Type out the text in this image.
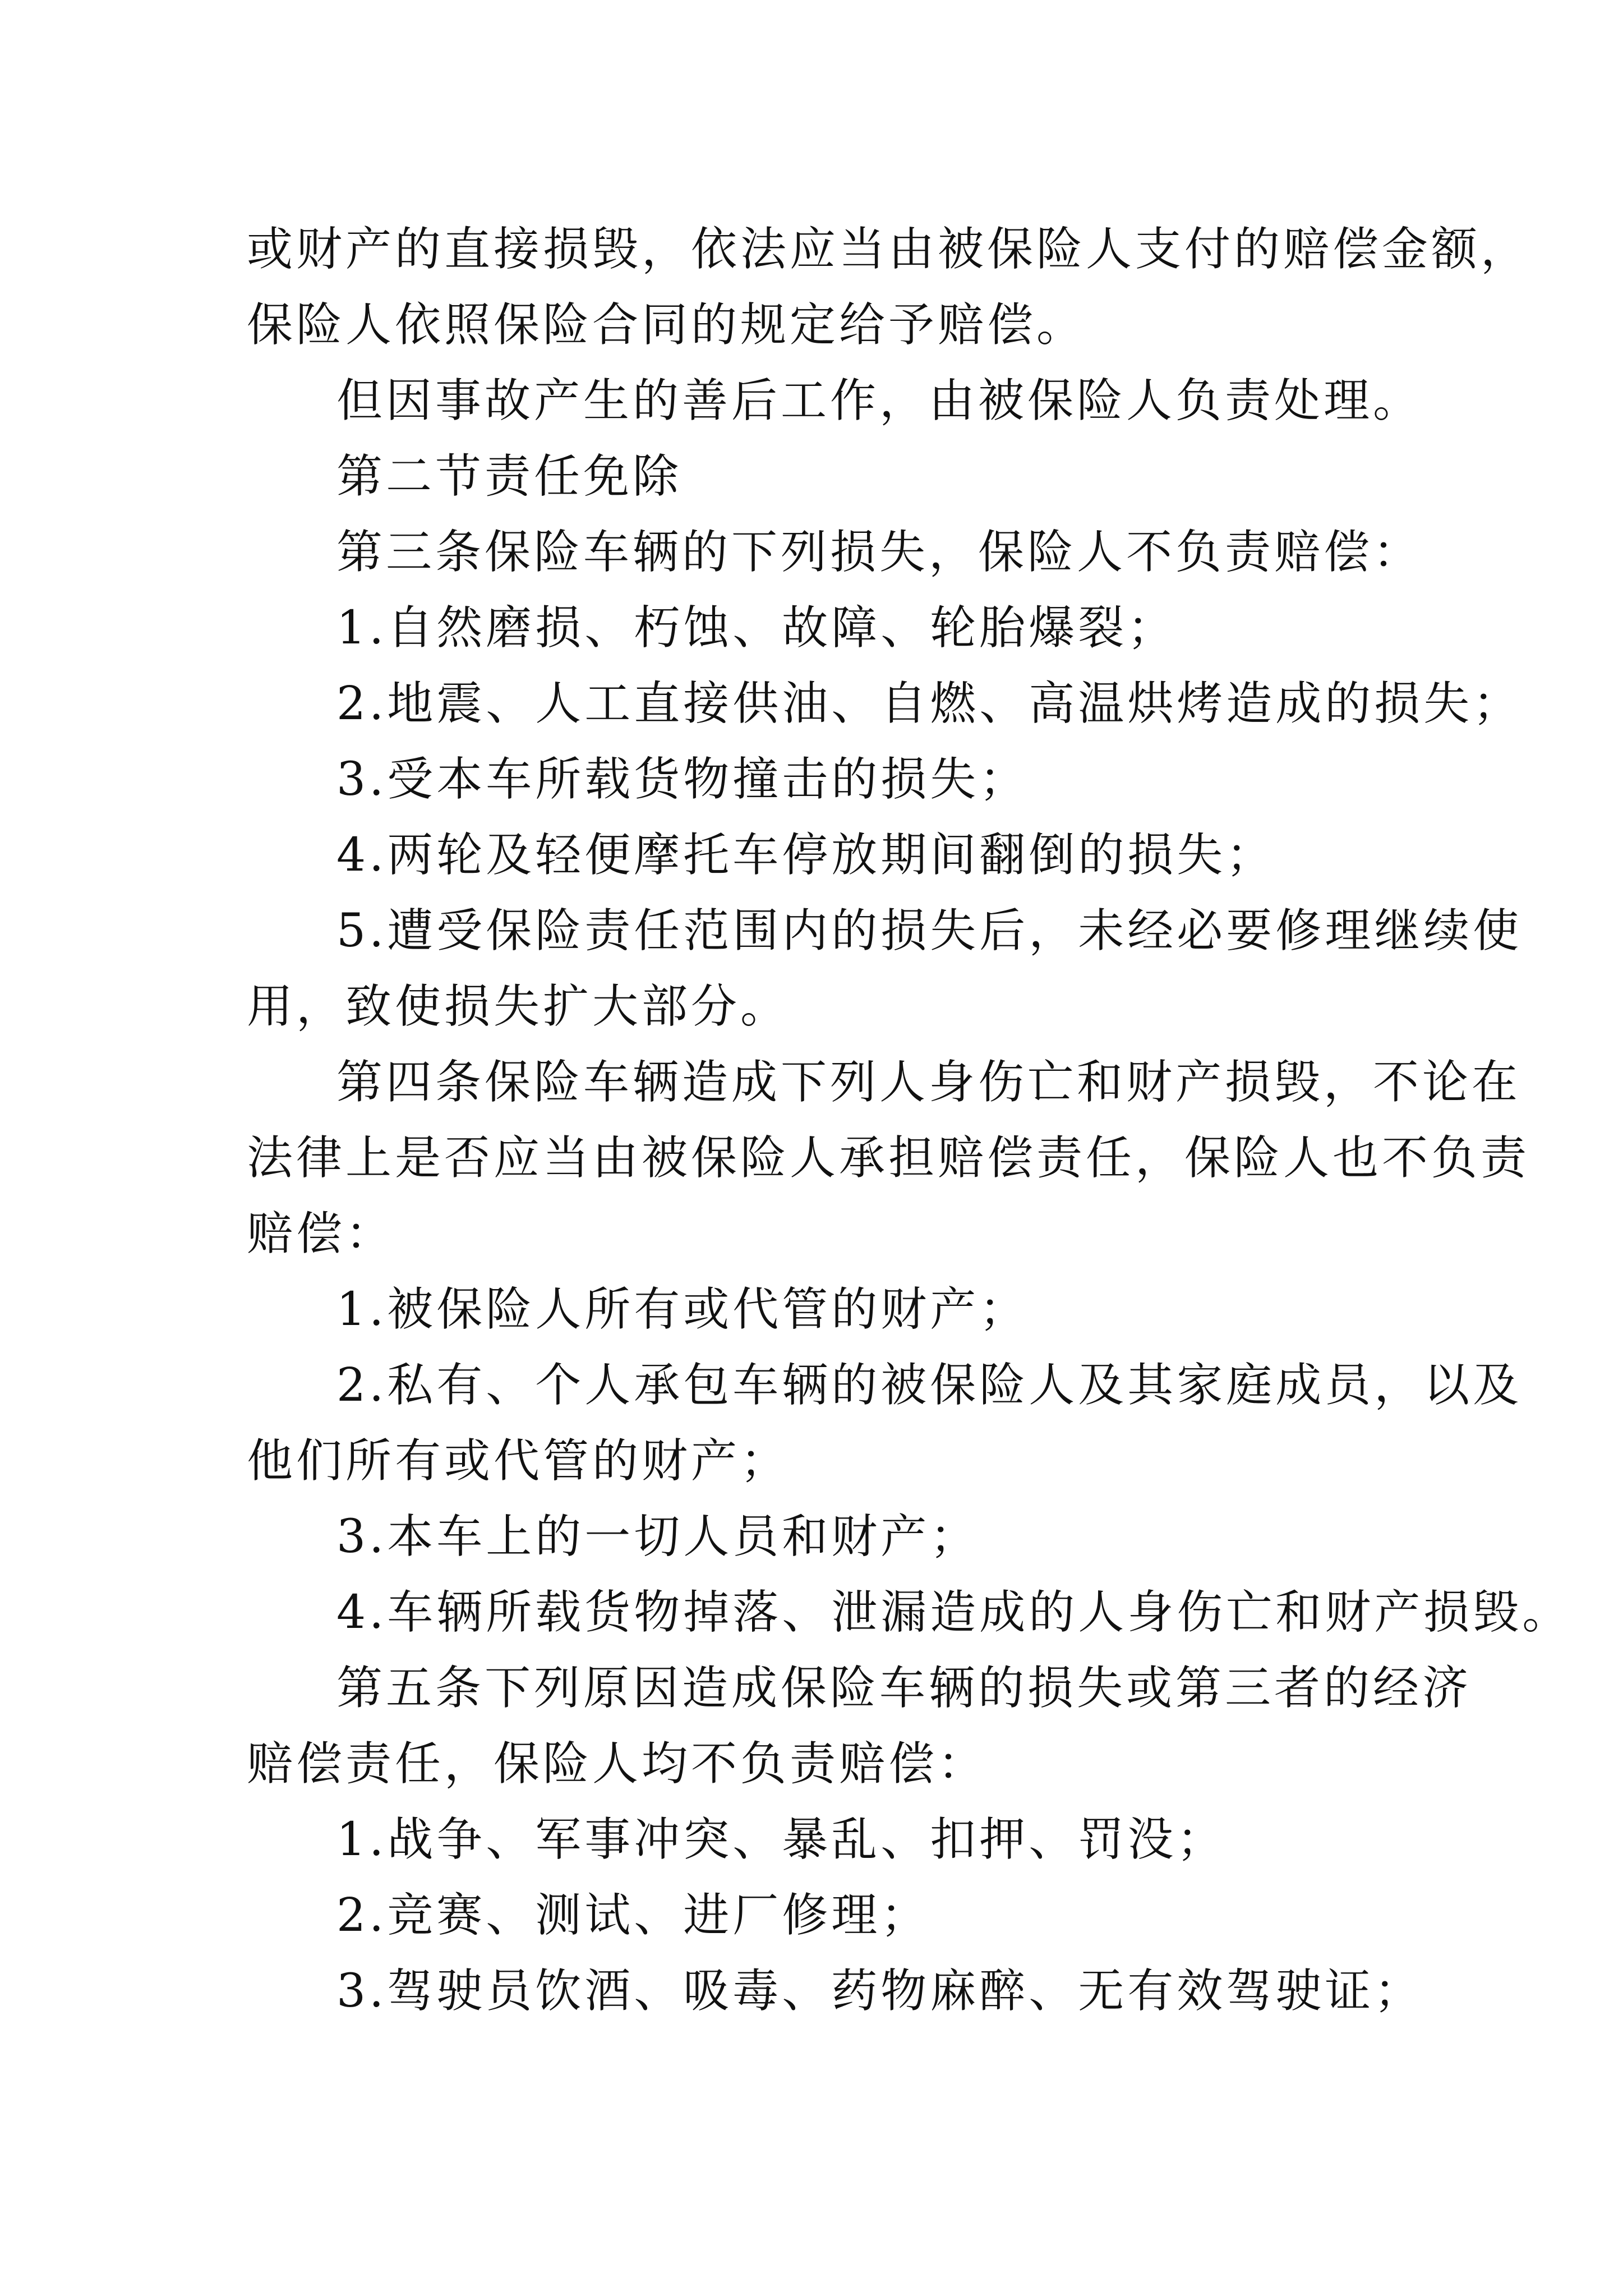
或财产的直接损毁，依法应当由被保险人支付的赔偿金额，
保险人依照保险合同的规定给予赔偿。
但因事故产生的善后工作，由被保险人负责处理。
第二节责任免除
第三条保险车辆的下列损失，保险人不负责赔偿：
1.自然磨损、朽蚀、故障、轮胎爆裂；
2.地震、人工直接供油、自燃、高温烘烤造成的损失；
3.受本车所载货物撞击的损失；
4.两轮及轻便摩托车停放期间翻倒的损失；
5.遭受保险责任范围内的损失后，未经必要修理继续使
用，致使损失扩大部分。
第四条保险车辆造成下列人身伤亡和财产损毁，不论在
法律上是否应当由被保险人承担赔偿责任，保险人也不负责
赔偿：
1.被保险人所有或代管的财产；
2.私有、个人承包车辆的被保险人及其家庭成员，以及
他们所有或代管的财产；
3.本车上的一切人员和财产；
4.车辆所载货物掉落、泄漏造成的人身伤亡和财产损毁。
第五条下列原因造成保险车辆的损失或第三者的经济
赔偿责任，保险人均不负责赔偿：
1.战争、军事冲突、暴乱、扣押、罚没；
2.竞赛、测试、进厂修理；
3.驾驶员饮酒、吸毒、药物麻醉、无有效驾驶证；
